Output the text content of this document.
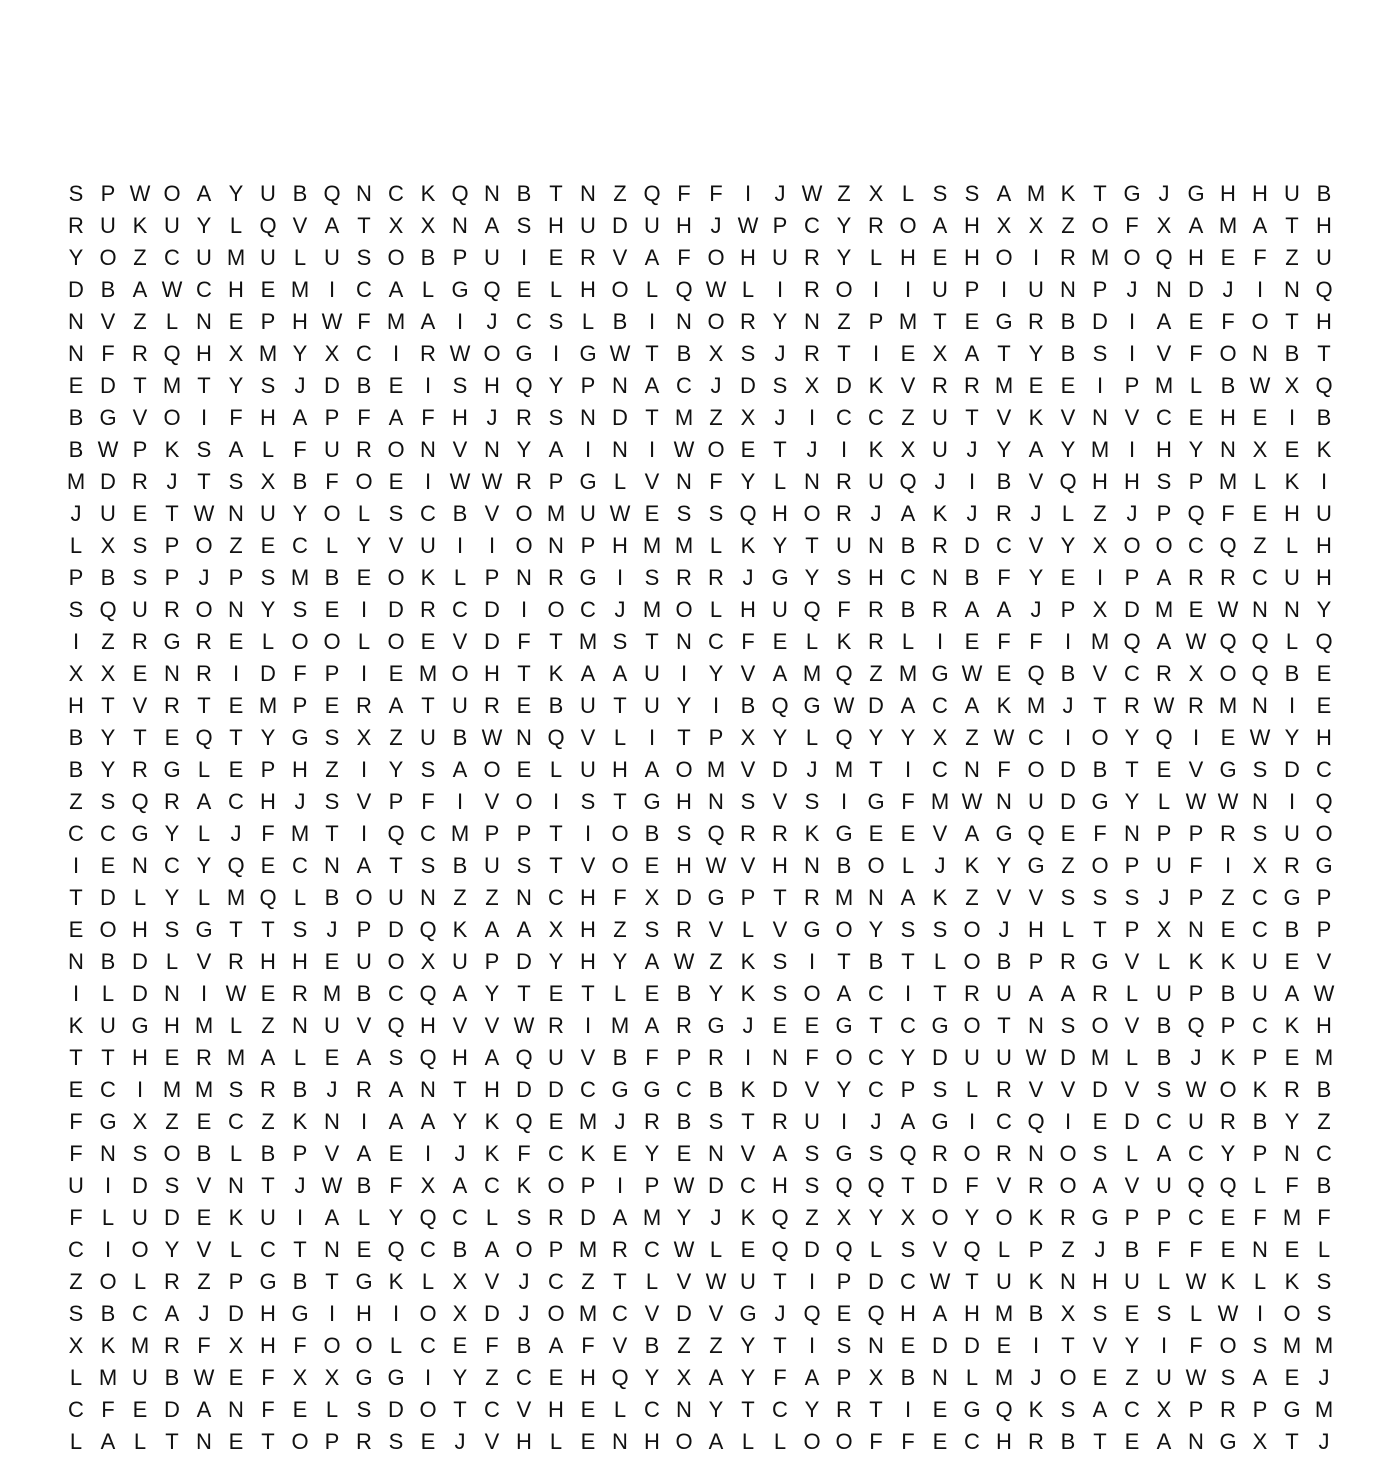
S P W O A Y U B Q N C K Q N B T N Z Q F F	I	J W Z X L S S A M K T G J G H H U B
R U K U Y L Q V A T X X N A S H U D U H J W P C Y R O A H X X Z O F X A M A T H
Y O Z C U M U L U S O B P U I E R V A F O H U R Y L H E H O I R M O Q H E F Z U
D B A W C H E M I C A L G Q E L H O L Q W L	I R O I	I U P I U N P J N D J	I N Q
N V Z L N E P H W F M A I	J C S L B I N O R Y N Z P M T E G R B D I A E F O T H
N F R Q H X M Y X C I R W O G I G W T B X S J R T	I E X A T Y B S I V F O N B T
E D T M T Y S J D B E I S H Q Y P N A C J D S X D K V R R M E E I P M L B W X Q
B G V O I	F H A P F A F H J R S N D T M Z X J	I C C Z U T V K V N V C E H E I B
B W P K S A L F U R O N V N Y A I N I W O E T J	I K X U J Y A Y M I H Y N X E K
M D R J T S X B F O E I W W R P G L V N F Y L N R U Q J	I B V Q H H S P M L K I
J U E T W N U Y O L S C B V O M U W E S S Q H O R J A K J R J L Z J P Q F E H U
L X S P O Z E C L Y V U I	I O N P H M M L K Y T U N B R D C V Y X O O C Q Z L H
P B S P J P S M B E O K L P N R G I S R R J G Y S H C N B F Y E I P A R R C U H
S Q U R O N Y S E I D R C D I O C J M O L H U Q F R B R A A J P X D M E W N N Y
I	Z R G R E L O O L O E V D F T M S T N C F E L K R L	I E F F	I M Q A W Q Q L Q
X X E N R I D F P I E M O H T K A A U I Y V A M Q Z M G W E Q B V C R X O Q B E
H T V R T E M P E R A T U R E B U T U Y I B Q G W D A C A K M J T R W R M N I E
B Y T E Q T Y G S X Z U B W N Q V L	I	T P X Y L Q Y Y X Z W C I O Y Q I E W Y H
B Y R G L E P H Z	I Y S A O E L U H A O M V D J M T	I C N F O D B T E V G S D C
Z S Q R A C H J S V P F	I V O I S T G H N S V S I G F M W N U D G Y L W W N I Q
C C G Y L J F M T	I Q C M P P T	I O B S Q R R K G E E V A G Q E F N P P R S U O
I E N C Y Q E C N A T S B U S T V O E H W V H N B O L J K Y G Z O P U F	I X R G
T D L Y L M Q L B O U N Z Z N C H F X D G P T R M N A K Z V V S S S J P Z C G P
E O H S G T T S J P D Q K A A X H Z S R V L V G O Y S S O J H L T P X N E C B P
N B D L V R H H E U O X U P D Y H Y A W Z K S I	T B T L O B P R G V L K K U E V
I	L D N I W E R M B C Q A Y T E T L E B Y K S O A C I	T R U A A R L U P B U A W
K U G H M L Z N U V Q H V V W R I M A R G J E E G T C G O T N S O V B Q P C K H
T T H E R M A L E A S Q H A Q U V B F P R I N F O C Y D U U W D M L B J K P E M
E C I M M S R B J R A N T H D D C G G C B K D V Y C P S L R V V D V S W O K R B
F G X Z E C Z K N I A A Y K Q E M J R B S T R U I	J A G I C Q I E D C U R B Y Z
F N S O B L B P V A E I	J K F C K E Y E N V A S G S Q R O R N O S L A C Y P N C
U I D S V N T J W B F X A C K O P I P W D C H S Q Q T D F V R O A V U Q Q L F B
F L U D E K U I A L Y Q C L S R D A M Y J K Q Z X Y X O Y O K R G P P C E F M F
C I O Y V L C T N E Q C B A O P M R C W L E Q D Q L S V Q L P Z J B F F E N E L
Z O L R Z P G B T G K L X V J C Z T L V W U T	I P D C W T U K N H U L W K L K S
S B C A J D H G I H I O X D J O M C V D V G J Q E Q H A H M B X S E S L W I O S
X K M R F X H F O O L C E F B A F V B Z Z Y T	I S N E D D E I	T V Y I	F O S M M
L M U B W E F X X G G I Y Z C E H Q Y X A Y F A P X B N L M J O E Z U W S A E J
C F E D A N F E L S D O T C V H E L C N Y T C Y R T	I E G Q K S A C X P R P G M
L A L T N E T O P R S E J V H L E N H O A L L O O F F E C H R B T E A N G X T J
